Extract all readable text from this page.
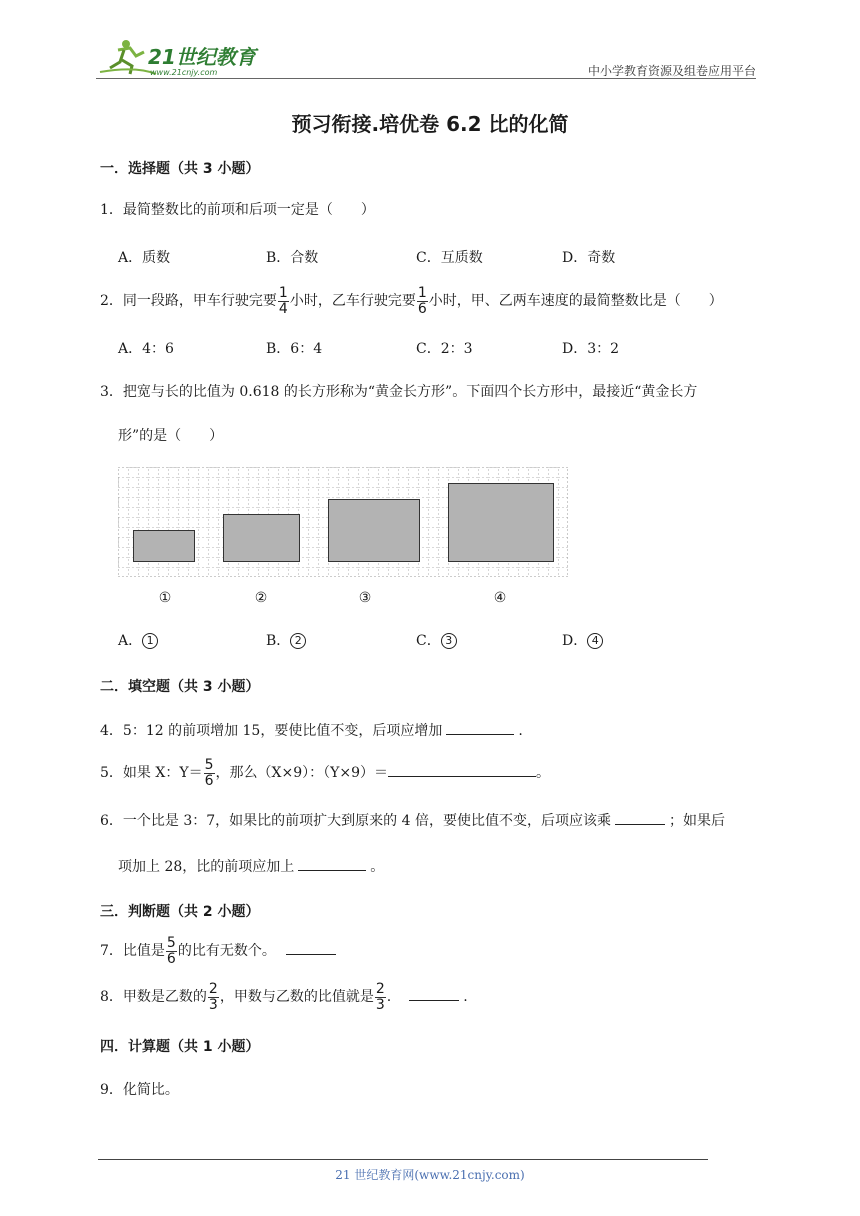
21世纪教育
www.21cnjy.com	中小学教育资源及组卷应用平台
预习衔接.培优卷 6.2 比的化简
一．选择题（共 3 小题）
1．最简整数比的前项和后项一定是（　　）
A．质数	B．合数	C．互质数	D．奇数
2．同一段路，甲车行驶完要 $\frac{1}{4}$ 小时，乙车行驶完要 $\frac{1}{6}$ 小时，甲、乙两车速度的最简整数比是（　　）
A．4：6	B．6：4	C．2：3	D．3：2
3．把宽与长的比值为 0.618 的长方形称为“黄金长方形”。下面四个长方形中，最接近“黄金长方
形”的是（　　）
①	②	③	④
A． 1	B． 2	C． 3	D． 4
二．填空题（共 3 小题）
4．5：12 的前项增加 15，要使比值不变，后项应增加	.
5．如果 X：$Y= \frac{5}{6}$ ，那么（X×9）：（Y×9）＝	。
6．一个比是 3：7，如果比的前项扩大到原来的 4 倍，要使比值不变，后项应该乘	；如果后
项加上 28，比的前项应加上	。
三．判断题（共 2 小题）
7．比值是 $\frac{5}{6}$ 的比有无数个。
8．甲数是乙数的 $\frac{2}{3}$ ，甲数与乙数的比值就是 $\frac{2}{3}$ .	.
四．计算题（共 1 小题）
9．化简比。
21 世纪教育网(www.21cnjy.com)
